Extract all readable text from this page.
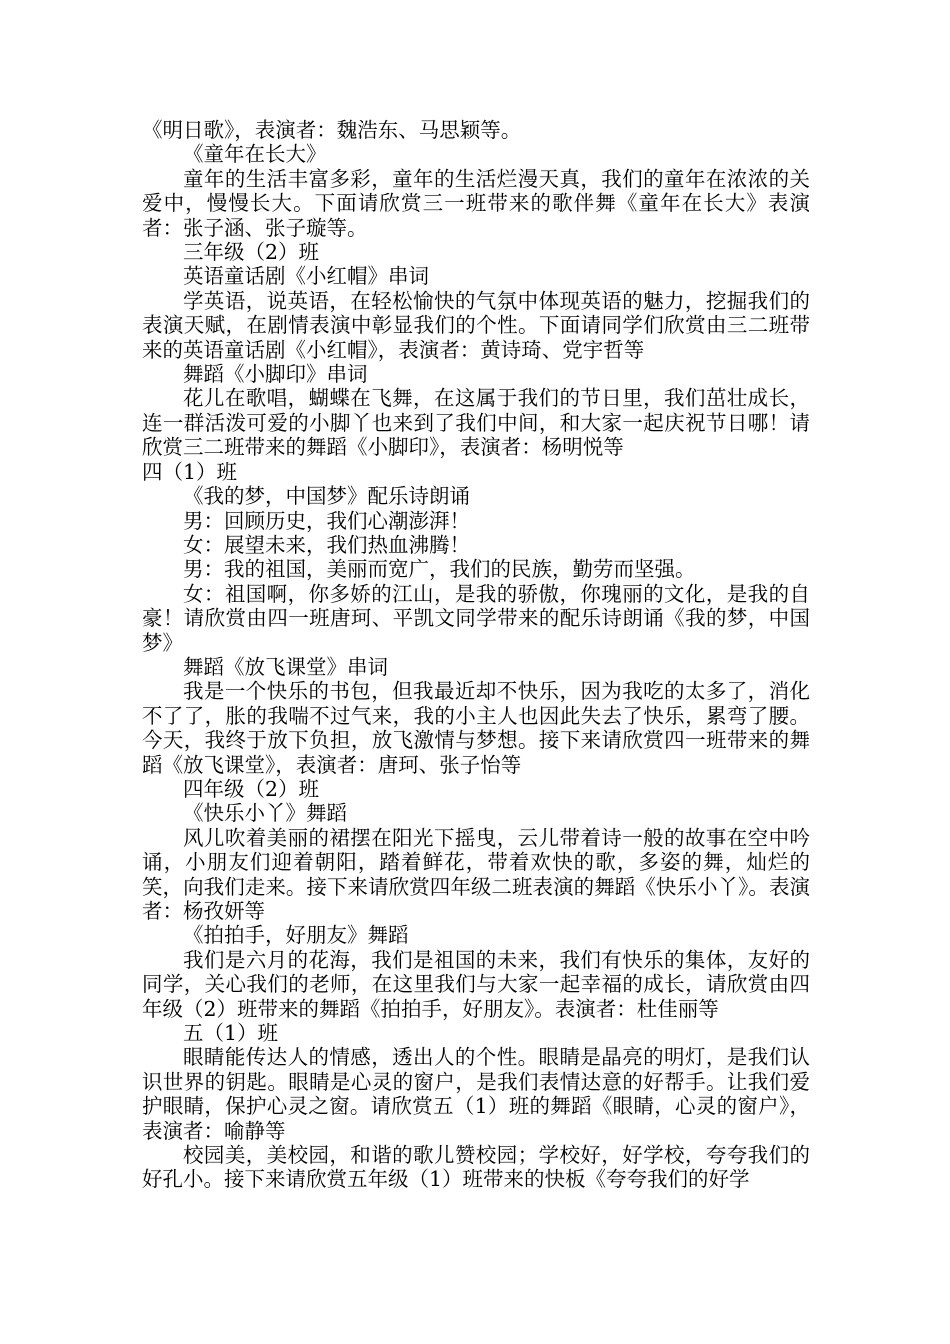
《明日歌》，表演者：魏浩东、马思颖等。

《童年在长大》

童年的生活丰富多彩，童年的生活烂漫天真，我们的童年在浓浓的关爱中，慢慢长大。下面请欣赏三一班带来的歌伴舞《童年在长大》表演者：张子涵、张子璇等。

三年级（2）班

英语童话剧《小红帽》串词

学英语，说英语，在轻松愉快的气氛中体现英语的魅力，挖掘我们的表演天赋，在剧情表演中彰显我们的个性。下面请同学们欣赏由三二班带来的英语童话剧《小红帽》，表演者：黄诗琦、党宇哲等

舞蹈《小脚印》串词

花儿在歌唱，蝴蝶在飞舞，在这属于我们的节日里，我们茁壮成长，连一群活泼可爱的小脚丫也来到了我们中间，和大家一起庆祝节日哪！请欣赏三二班带来的舞蹈《小脚印》，表演者：杨明悦等

四（1）班

《我的梦，中国梦》配乐诗朗诵

男：回顾历史，我们心潮澎湃！

女：展望未来，我们热血沸腾！

男：我的祖国，美丽而宽广，我们的民族，勤劳而坚强。

女：祖国啊，你多娇的江山，是我的骄傲，你瑰丽的文化，是我的自豪！请欣赏由四一班唐珂、平凯文同学带来的配乐诗朗诵《我的梦，中国梦》

舞蹈《放飞课堂》串词

我是一个快乐的书包，但我最近却不快乐，因为我吃的太多了，消化不了了，胀的我喘不过气来，我的小主人也因此失去了快乐，累弯了腰。今天，我终于放下负担，放飞激情与梦想。接下来请欣赏四一班带来的舞蹈《放飞课堂》，表演者：唐珂、张子怡等

四年级（2）班

《快乐小丫》舞蹈

风儿吹着美丽的裙摆在阳光下摇曳，云儿带着诗一般的故事在空中吟诵，小朋友们迎着朝阳，踏着鲜花，带着欢快的歌，多姿的舞，灿烂的笑，向我们走来。接下来请欣赏四年级二班表演的舞蹈《快乐小丫》。表演者：杨孜妍等

《拍拍手，好朋友》舞蹈

我们是六月的花海，我们是祖国的未来，我们有快乐的集体，友好的同学，关心我们的老师，在这里我们与大家一起幸福的成长，请欣赏由四年级（2）班带来的舞蹈《拍拍手，好朋友》。表演者：杜佳丽等

五（1）班

眼睛能传达人的情感，透出人的个性。眼睛是晶亮的明灯，是我们认识世界的钥匙。眼睛是心灵的窗户，是我们表情达意的好帮手。让我们爱护眼睛，保护心灵之窗。请欣赏五（1）班的舞蹈《眼睛，心灵的窗户》，表演者：喻静等

校园美，美校园，和谐的歌儿赞校园；学校好，好学校，夸夸我们的好孔小。接下来请欣赏五年级（1）班带来的快板《夸夸我们的好学
